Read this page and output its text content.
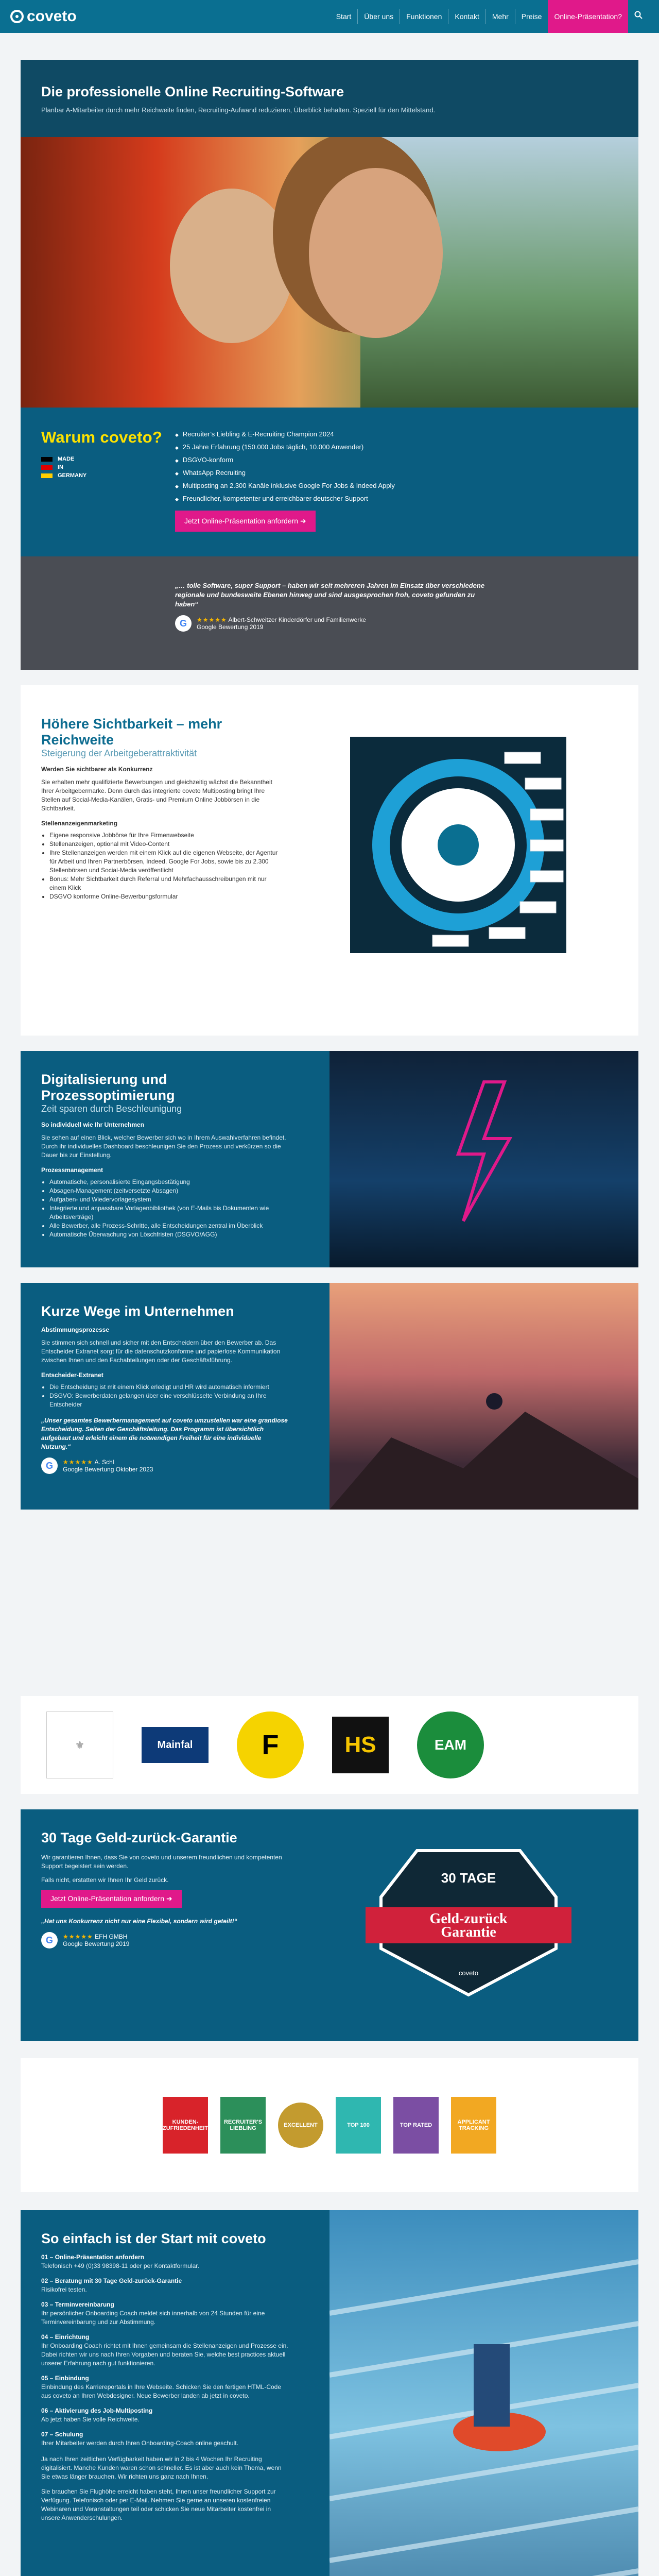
coveto	Start	Über uns	Funktionen	Kontakt	Mehr	Preise	Online-Präsentation?
Die professionelle Online Recruiting-Software
Planbar A-Mitarbeiter durch mehr Reichweite finden, Recruiting-Aufwand reduzieren, Überblick behalten. Speziell für den Mittelstand.
Warum coveto?
MADE
IN
GERMANY
◆ Recruiter’s Liebling & E-Recruiting Champion 2024
◆ 25 Jahre Erfahrung (150.000 Jobs täglich, 10.000 Anwender)
◆ DSGVO-konform
◆ WhatsApp Recruiting
◆ Multiposting an 2.300 Kanäle inklusive Google For Jobs & Indeed Apply
◆ Freundlicher, kompetenter und erreichbarer deutscher Support
Jetzt Online-Präsentation anfordern ➜
„… tolle Software, super Support – haben wir seit mehreren Jahren im Einsatz über verschiedene regionale und bundesweite Ebenen hinweg und sind ausgesprochen froh, coveto gefunden zu haben“
G	★★★★★ Albert-Schweitzer Kinderdörfer und Familienwerke
Google Bewertung 2019
Höhere Sichtbarkeit – mehr Reichweite
Steigerung der Arbeitgeberattraktivität
Werden Sie sichtbarer als Konkurrenz

Sie erhalten mehr qualifizierte Bewerbungen und gleichzeitig wächst die Bekanntheit Ihrer Arbeitgebermarke. Denn durch das integrierte coveto Multiposting bringt Ihre Stellen auf Social-Media-Kanälen, Gratis- und Premium Online Jobbörsen in die Sichtbarkeit.

Stellenanzeigenmarketing
• Eigene responsive Jobbörse für Ihre Firmenwebseite
• Stellenanzeigen, optional mit Video-Content
• Ihre Stellenanzeigen werden mit einem Klick auf die eigenen Webseite, der Agentur für Arbeit und Ihren Partnerbörsen, Indeed, Google For Jobs, sowie bis zu 2.300 Stellenbörsen und Social-Media veröffentlicht
• Bonus: Mehr Sichtbarkeit durch Referral und Mehrfachausschreibungen mit nur einem Klick
• DSGVO konforme Online-Bewerbungsformular
Digitalisierung und Prozessoptimierung
Zeit sparen durch Beschleunigung
So individuell wie Ihr Unternehmen

Sie sehen auf einen Blick, welcher Bewerber sich wo in Ihrem Auswahlverfahren befindet. Durch ihr individuelles Dashboard beschleunigen Sie den Prozess und verkürzen so die Dauer bis zur Einstellung.

Prozessmanagement
• Automatische, personalisierte Eingangsbestätigung
• Absagen-Management (zeitversetzte Absagen)
• Aufgaben- und Wiedervorlagesystem
• Integrierte und anpassbare Vorlagenbibliothek (von E-Mails bis Dokumenten wie Arbeitsverträge)
• Alle Bewerber, alle Prozess-Schritte, alle Entscheidungen zentral im Überblick
• Automatische Überwachung von Löschfristen (DSGVO/AGG)
Kurze Wege im Unternehmen
Abstimmungsprozesse

Sie stimmen sich schnell und sicher mit den Entscheidern über den Bewerber ab. Das Entscheider Extranet sorgt für die datenschutzkonforme und papierlose Kommunikation zwischen Ihnen und den Fachabteilungen oder der Geschäftsführung.

Entscheider-Extranet
• Die Entscheidung ist mit einem Klick erledigt und HR wird automatisch informiert
• DSGVO: Bewerberdaten gelangen über eine verschlüsselte Verbindung an Ihre Entscheider
„Unser gesamtes Bewerbermanagement auf coveto umzustellen war eine grandiose Entscheidung. Seiten der Geschäftsleitung. Das Programm ist übersichtlich aufgebaut und erleicht einem die notwendigen Freiheit für eine individuelle Nutzung.“
G	★★★★★ A. Schl
Google Bewertung Oktober 2023
⚜	Mainfal	F	HS	EAM
30 Tage Geld-zurück-Garantie

Wir garantieren Ihnen, dass Sie von coveto und unserem freundlichen und kompetenten Support begeistert sein werden.

Falls nicht, erstatten wir Ihnen Ihr Geld zurück.

Jetzt Online-Präsentation anfordern ➜
„Hat uns Konkurrenz nicht nur eine Flexibel, sondern wird geteilt!“
G	★★★★★ EFH GMBH
Google Bewertung 2019
30 TAGE
Geld-zurück Garantie
coveto
KUNDEN-ZUFRIEDENHEIT
RECRUITER'S LIEBLING	EXCELLENT	TOP 100	TOP RATED	APPLICANT TRACKING
So einfach ist der Start mit coveto
01 – Online-Präsentation anfordern
Telefonisch +49 (0)33 98398-11 oder per Kontaktformular.
02 – Beratung mit 30 Tage Geld-zurück-Garantie
Risikofrei testen.
03 – Terminvereinbarung
Ihr persönlicher Onboarding Coach meldet sich innerhalb von 24 Stunden für eine Terminvereinbarung und zur Abstimmung.
04 – Einrichtung
Ihr Onboarding Coach richtet mit Ihnen gemeinsam die Stellenanzeigen und Prozesse ein. Dabei richten wir uns nach Ihren Vorgaben und beraten Sie, welche best practices aktuell unserer Erfahrung nach gut funktionieren.
05 – Einbindung
Einbindung des Karriereportals in Ihre Webseite. Schicken Sie den fertigen HTML-Code aus coveto an Ihren Webdesigner. Neue Bewerber landen ab jetzt in coveto.
06 – Aktivierung des Job-Multiposting
Ab jetzt haben Sie volle Reichweite.
07 – Schulung
Ihrer Mitarbeiter werden durch Ihren Onboarding-Coach online geschult.

Ja nach Ihren zeitlichen Verfügbarkeit haben wir in 2 bis 4 Wochen Ihr Recruiting digitalisiert. Manche Kunden waren schon schneller. Es ist aber auch kein Thema, wenn Sie etwas länger brauchen. Wir richten uns ganz nach Ihnen.

Sie brauchen Sie Flughöhe erreicht haben steht, Ihnen unser freundlicher Support zur Verfügung. Telefonisch oder per E-Mail. Nehmen Sie gerne an unseren kostenfreien Webinaren und Veranstaltungen teil oder schicken Sie neue Mitarbeiter kostenfrei in unsere Anwenderschulungen.
